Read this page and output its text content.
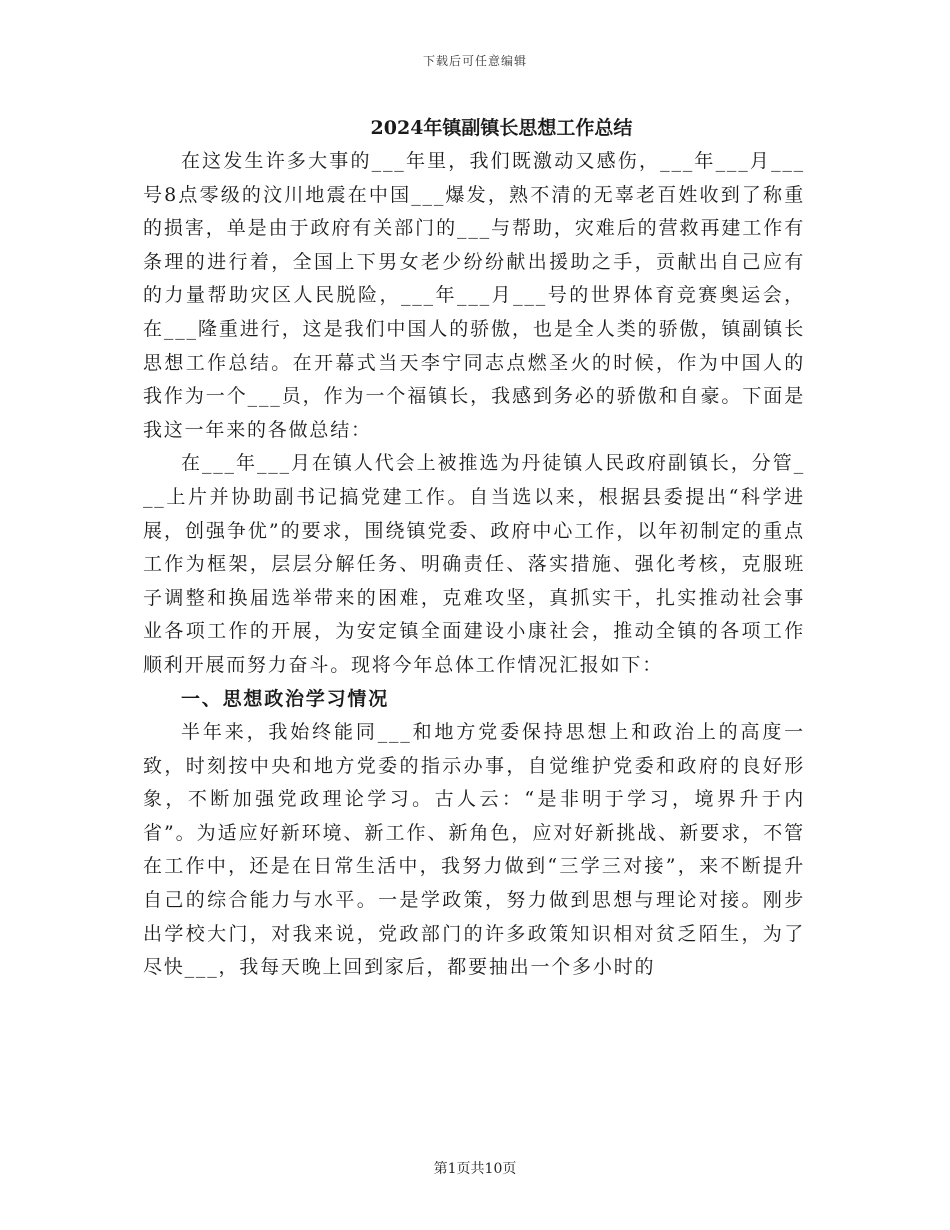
下载后可任意编辑
2024年镇副镇长思想工作总结

在这发生许多大事的___年里，我们既激动又感伤，___年___月___号8点零级的汶川地震在中国___爆发，熟不清的无辜老百姓收到了称重的损害，单是由于政府有关部门的___与帮助，灾难后的营救再建工作有条理的进行着，全国上下男女老少纷纷献出援助之手，贡献出自己应有的力量帮助灾区人民脱险，___年___月___号的世界体育竞赛奥运会，在___隆重进行，这是我们中国人的骄傲，也是全人类的骄傲，镇副镇长思想工作总结。在开幕式当天李宁同志点燃圣火的时候，作为中国人的我作为一个___员，作为一个福镇长，我感到务必的骄傲和自豪。下面是我这一年来的各做总结：

在___年___月在镇人代会上被推选为丹徒镇人民政府副镇长，分管___上片并协助副书记搞党建工作。自当选以来，根据县委提出“科学进展，创强争优”的要求，围绕镇党委、政府中心工作，以年初制定的重点工作为框架，层层分解任务、明确责任、落实措施、强化考核，克服班子调整和换届选举带来的困难，克难攻坚，真抓实干，扎实推动社会事业各项工作的开展，为安定镇全面建设小康社会，推动全镇的各项工作顺利开展而努力奋斗。现将今年总体工作情况汇报如下：

一、思想政治学习情况

半年来，我始终能同___和地方党委保持思想上和政治上的高度一致，时刻按中央和地方党委的指示办事，自觉维护党委和政府的良好形象，不断加强党政理论学习。古人云：“是非明于学习，境界升于内省”。为适应好新环境、新工作、新角色，应对好新挑战、新要求，不管在工作中，还是在日常生活中，我努力做到“三学三对接”，来不断提升自己的综合能力与水平。一是学政策，努力做到思想与理论对接。刚步出学校大门，对我来说，党政部门的许多政策知识相对贫乏陌生，为了尽快___，我每天晚上回到家后，都要抽出一个多小时的

第1页共10页
